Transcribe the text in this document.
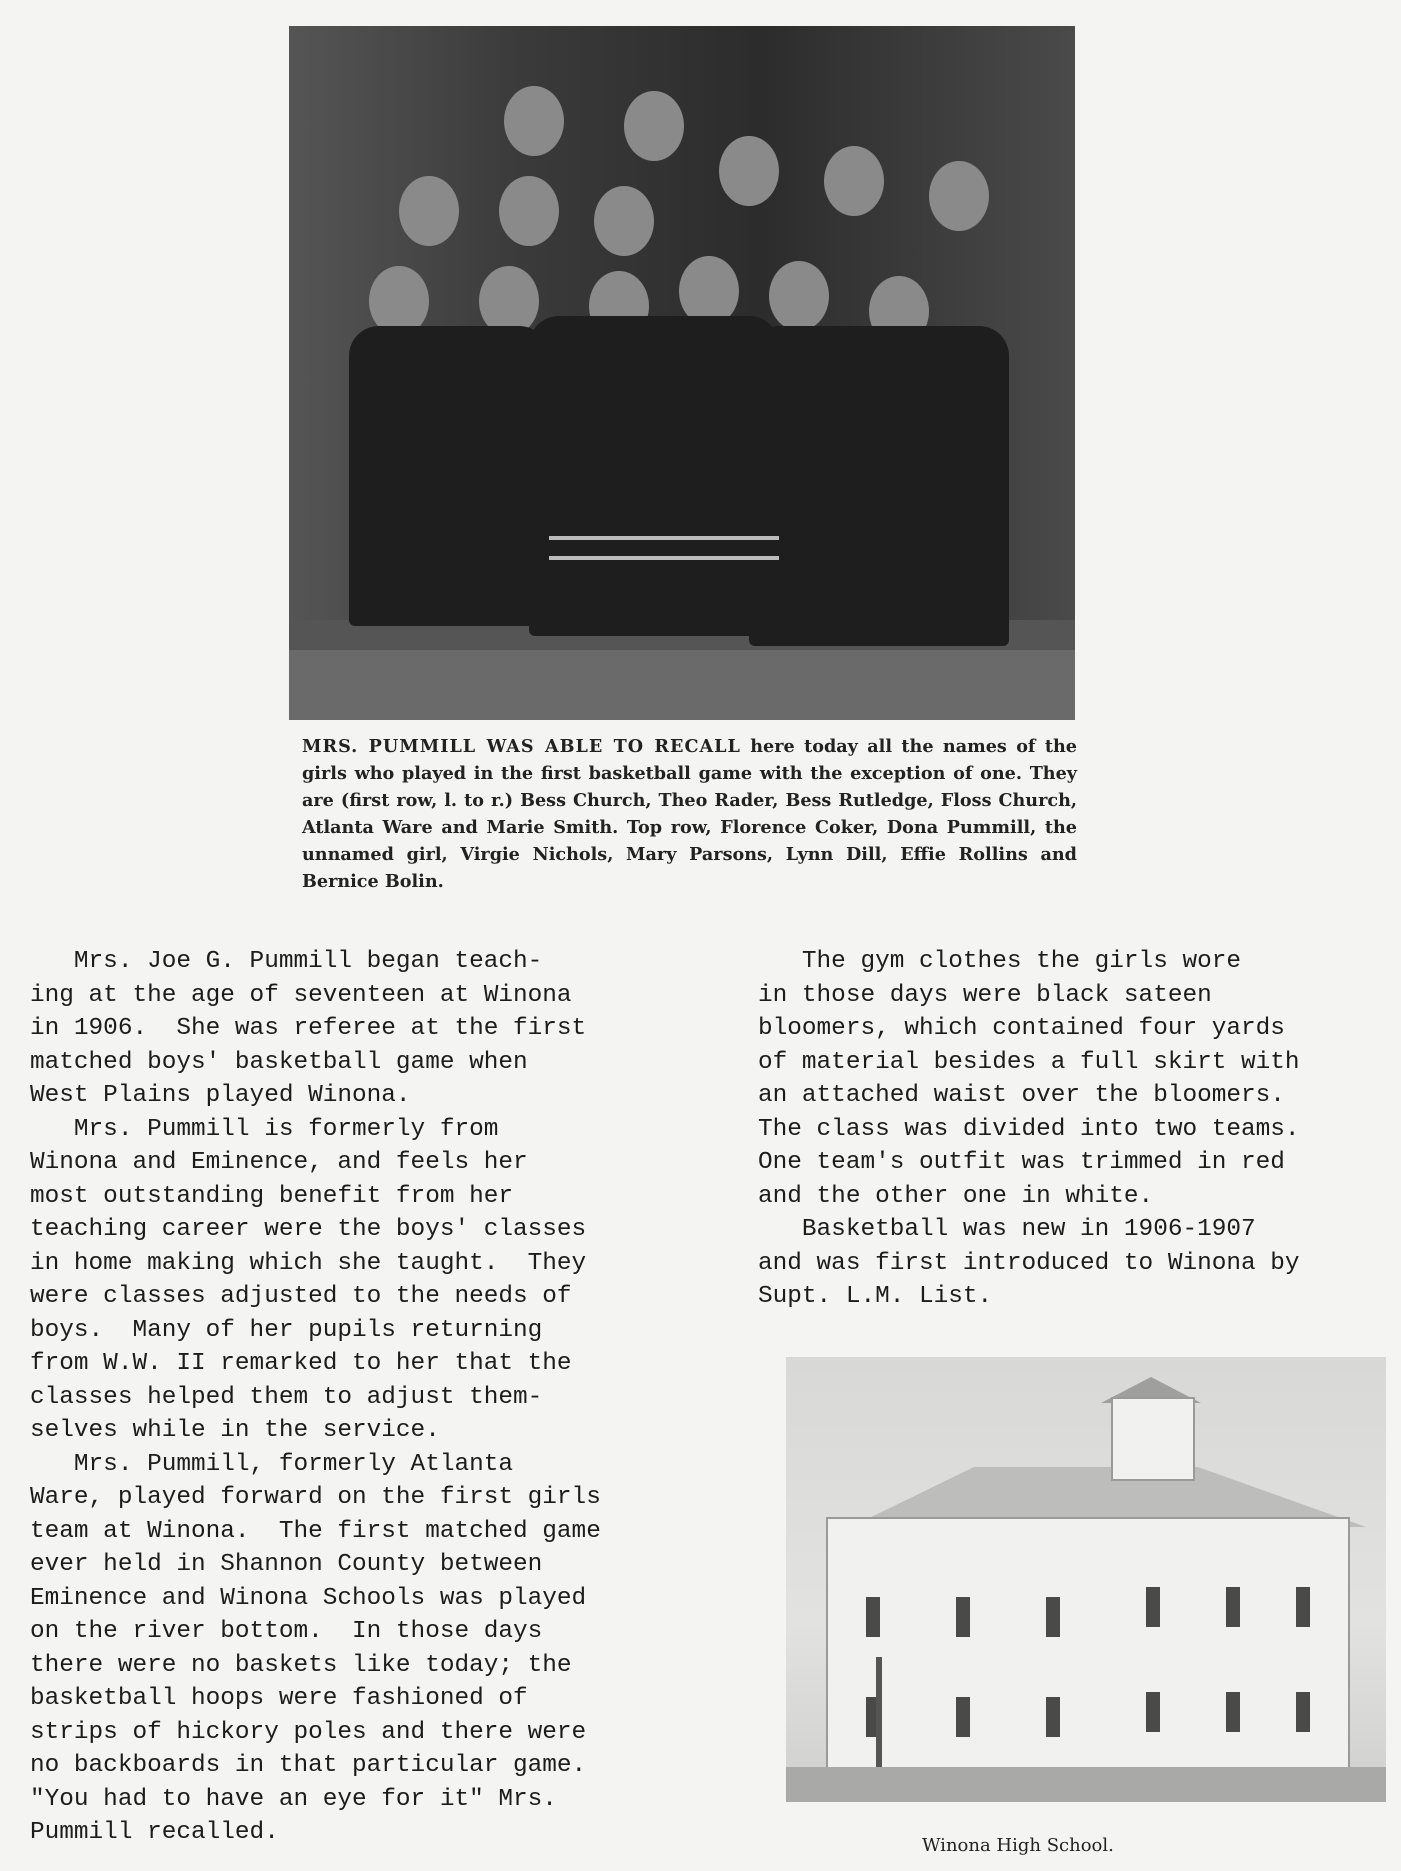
MRS. PUMMILL WAS ABLE TO RECALL here today all the names of the girls who played in the first basketball game with the exception of one. They are (first row, l. to r.) Bess Church, Theo Rader, Bess Rutledge, Floss Church, Atlanta Ware and Marie Smith. Top row, Florence Coker, Dona Pummill, the unnamed girl, Virgie Nichols, Mary Parsons, Lynn Dill, Effie Rollins and Bernice Bolin.

Mrs. Joe G. Pummill began teach-
ing at the age of seventeen at Winona
in 1906.  She was referee at the first
matched boys' basketball game when
West Plains played Winona.
Mrs. Pummill is formerly from
Winona and Eminence, and feels her
most outstanding benefit from her
teaching career were the boys' classes
in home making which she taught.  They
were classes adjusted to the needs of
boys.  Many of her pupils returning
from W.W. II remarked to her that the
classes helped them to adjust them-
selves while in the service.
Mrs. Pummill, formerly Atlanta
Ware, played forward on the first girls
team at Winona.  The first matched game
ever held in Shannon County between
Eminence and Winona Schools was played
on the river bottom.  In those days
there were no baskets like today; the
basketball hoops were fashioned of
strips of hickory poles and there were
no backboards in that particular game.
"You had to have an eye for it" Mrs.
Pummill recalled.
The gym clothes the girls wore
in those days were black sateen
bloomers, which contained four yards
of material besides a full skirt with
an attached waist over the bloomers.
The class was divided into two teams.
One team's outfit was trimmed in red
and the other one in white.
Basketball was new in 1906-1907
and was first introduced to Winona by
Supt. L.M. List.

Winona High School.
